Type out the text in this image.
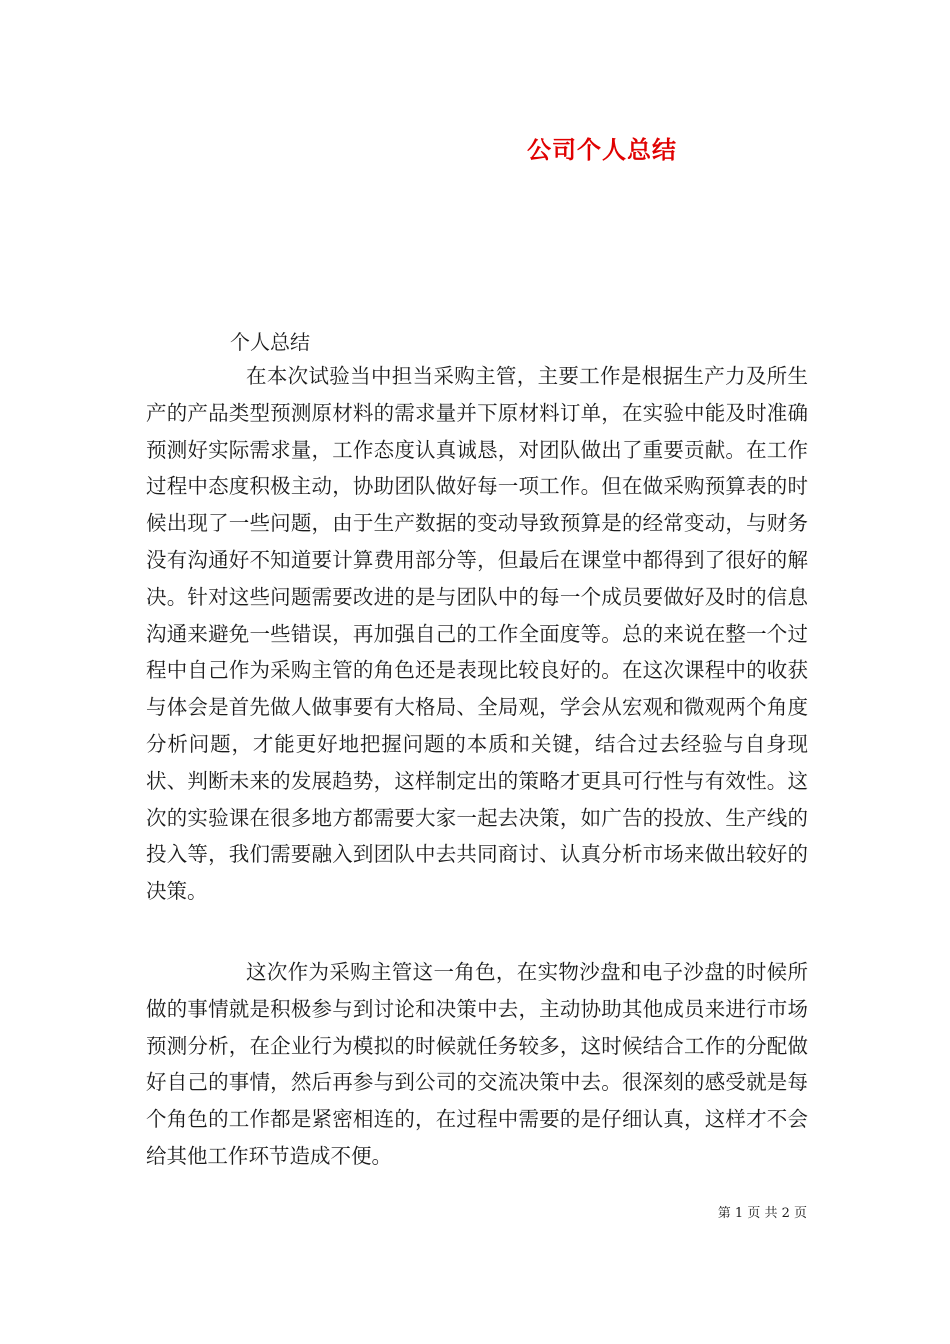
公司个人总结
个人总结

在本次试验当中担当采购主管，主要工作是根据生产力及所生产的产品类型预测原材料的需求量并下原材料订单，在实验中能及时准确预测好实际需求量，工作态度认真诚恳，对团队做出了重要贡献。在工作过程中态度积极主动，协助团队做好每一项工作。但在做采购预算表的时候出现了一些问题，由于生产数据的变动导致预算是的经常变动，与财务没有沟通好不知道要计算费用部分等，但最后在课堂中都得到了很好的解决。针对这些问题需要改进的是与团队中的每一个成员要做好及时的信息沟通来避免一些错误，再加强自己的工作全面度等。总的来说在整一个过程中自己作为采购主管的角色还是表现比较良好的。在这次课程中的收获与体会是首先做人做事要有大格局、全局观，学会从宏观和微观两个角度分析问题，才能更好地把握问题的本质和关键，结合过去经验与自身现状、判断未来的发展趋势，这样制定出的策略才更具可行性与有效性。这次的实验课在很多地方都需要大家一起去决策，如广告的投放、生产线的投入等，我们需要融入到团队中去共同商讨、认真分析市场来做出较好的决策。

这次作为采购主管这一角色，在实物沙盘和电子沙盘的时候所做的事情就是积极参与到讨论和决策中去，主动协助其他成员来进行市场预测分析，在企业行为模拟的时候就任务较多，这时候结合工作的分配做好自己的事情，然后再参与到公司的交流决策中去。很深刻的感受就是每个角色的工作都是紧密相连的，在过程中需要的是仔细认真，这样才不会给其他工作环节造成不便。

第 1 页 共 2 页
